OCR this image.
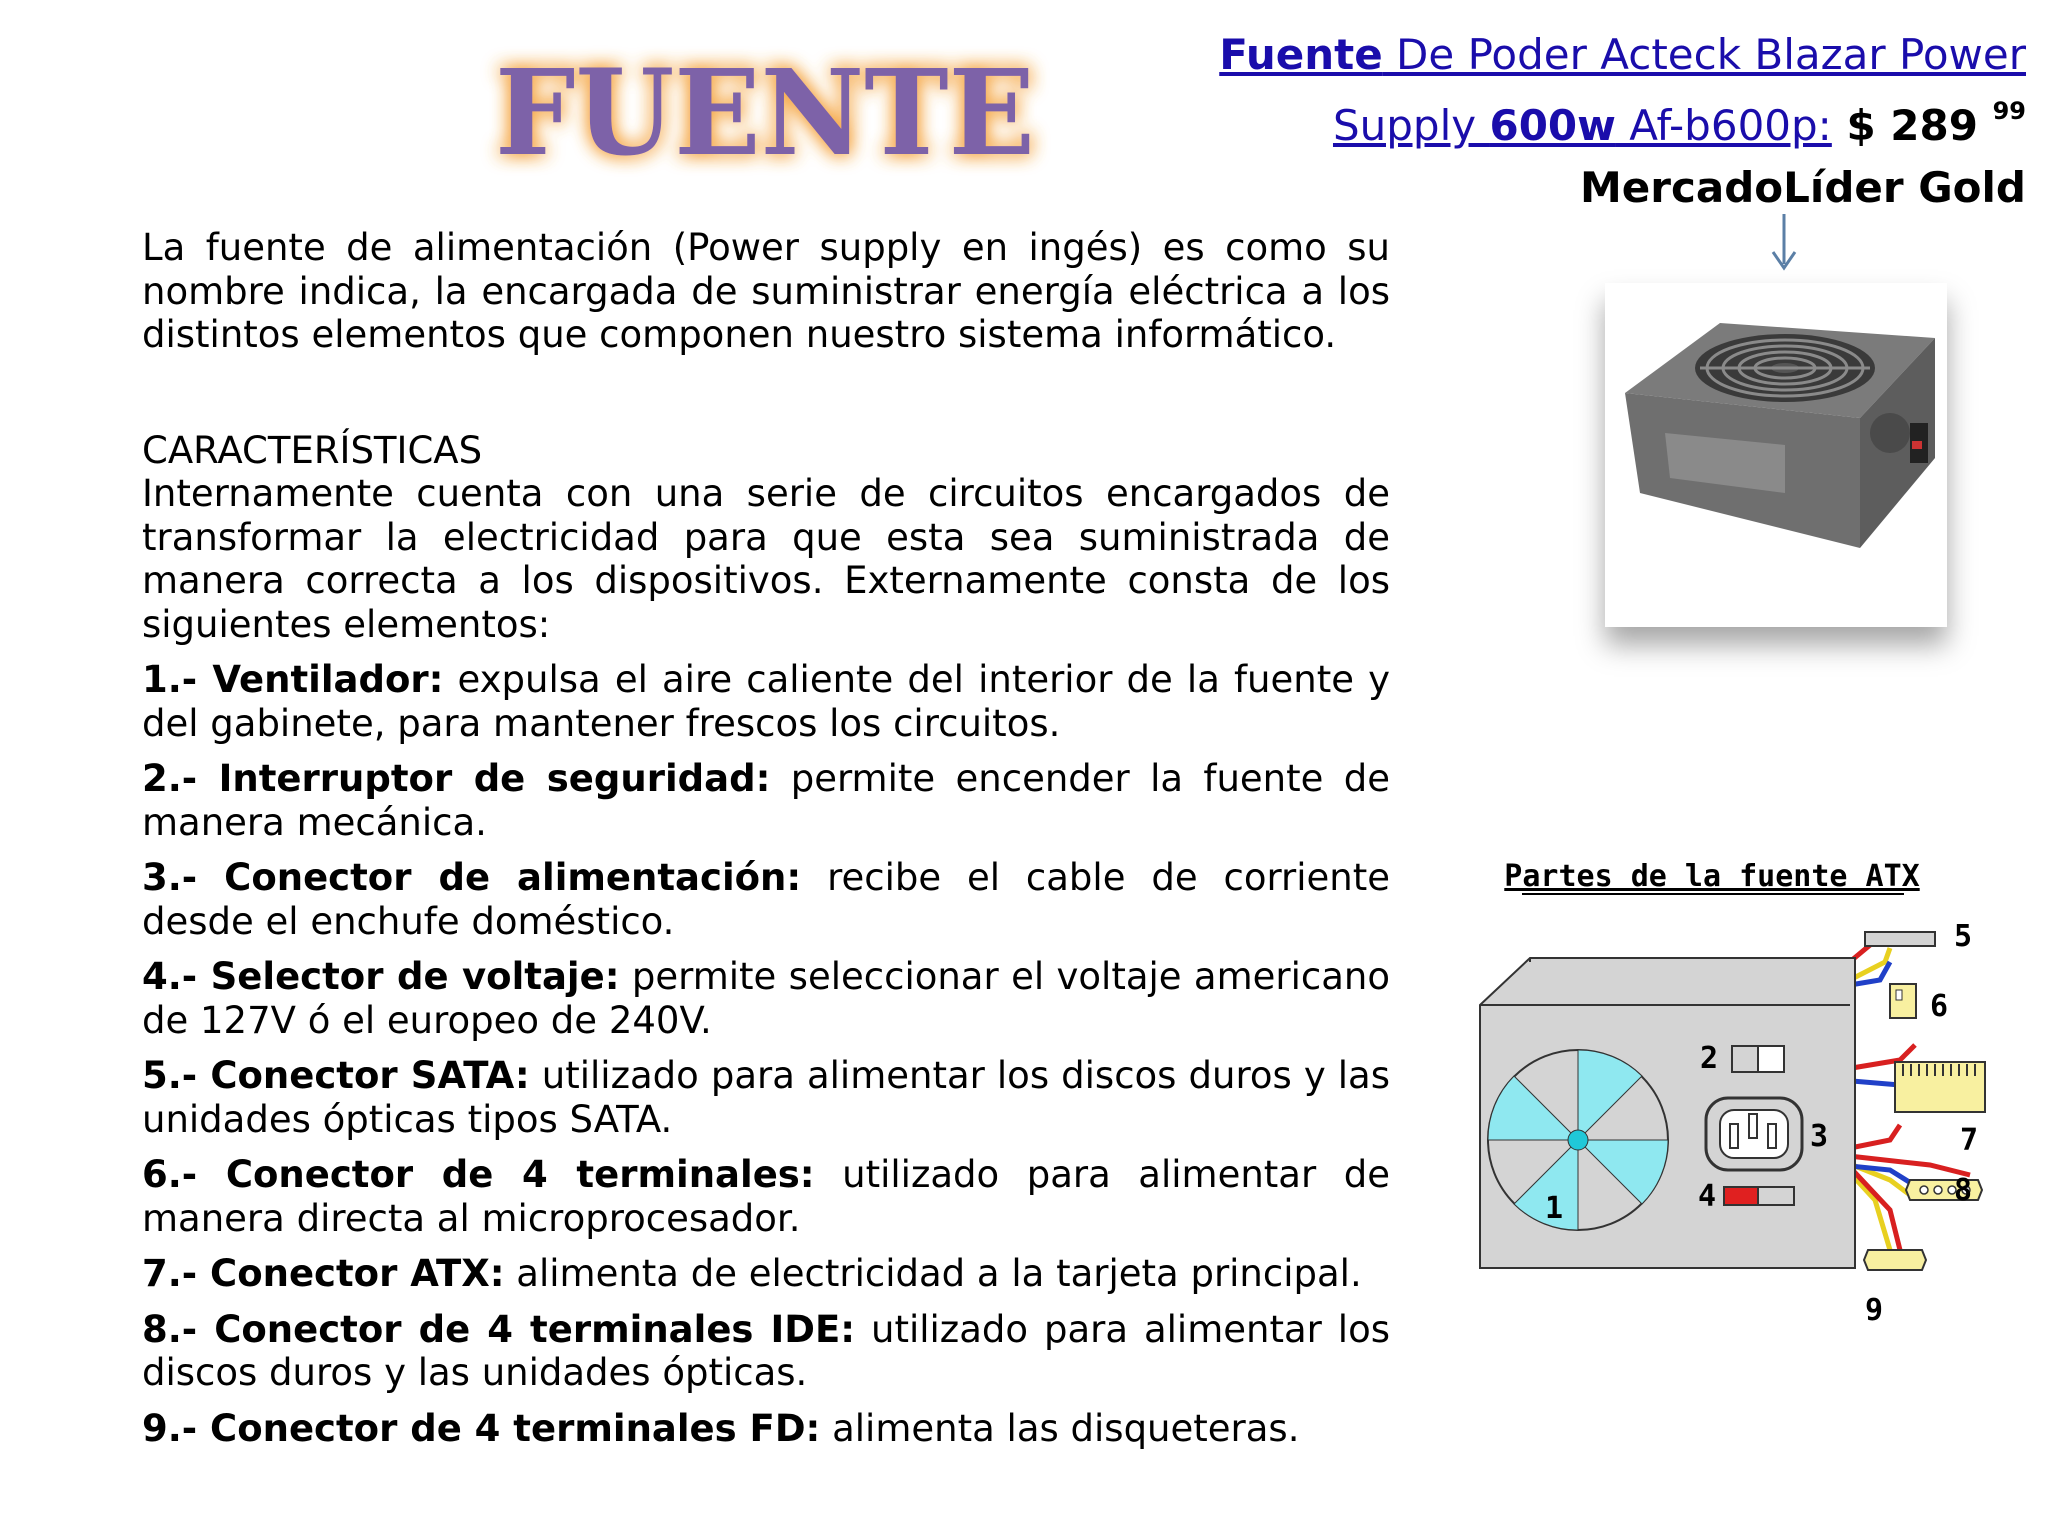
FUENTE	Fuente De Poder Acteck Blazar Power Supply 600w Af-b600p: $ 289 $^{99}$
MercadoLíder Gold

La fuente de alimentación (Power supply en ingés) es como su nombre indica, la encargada de suministrar energía eléctrica a los distintos elementos que componen nuestro sistema informático.

CARACTERÍSTICAS

Internamente cuenta con una serie de circuitos encargados de transformar la electricidad para que esta sea suministrada de manera correcta a los dispositivos. Externamente consta de los siguientes elementos:

1.- Ventilador: expulsa el aire caliente del interior de la fuente y del gabinete, para mantener frescos los circuitos.

2.- Interruptor de seguridad: permite encender la fuente de manera mecánica.

3.- Conector de alimentación: recibe el cable de corriente desde el enchufe doméstico.

4.- Selector de voltaje: permite seleccionar el voltaje americano de 127V ó el europeo de 240V.

5.- Conector SATA: utilizado para alimentar los discos duros y las unidades ópticas tipos SATA.

6.- Conector de 4 terminales: utilizado para alimentar de manera directa al microprocesador.

7.- Conector ATX: alimenta de electricidad a la tarjeta principal.

8.- Conector de 4 terminales IDE: utilizado para alimentar los discos duros y las unidades ópticas.

9.- Conector de 4 terminales FD: alimenta las disqueteras.

Partes de la fuente ATX
1
2
3
4
5
6
7
8
9
